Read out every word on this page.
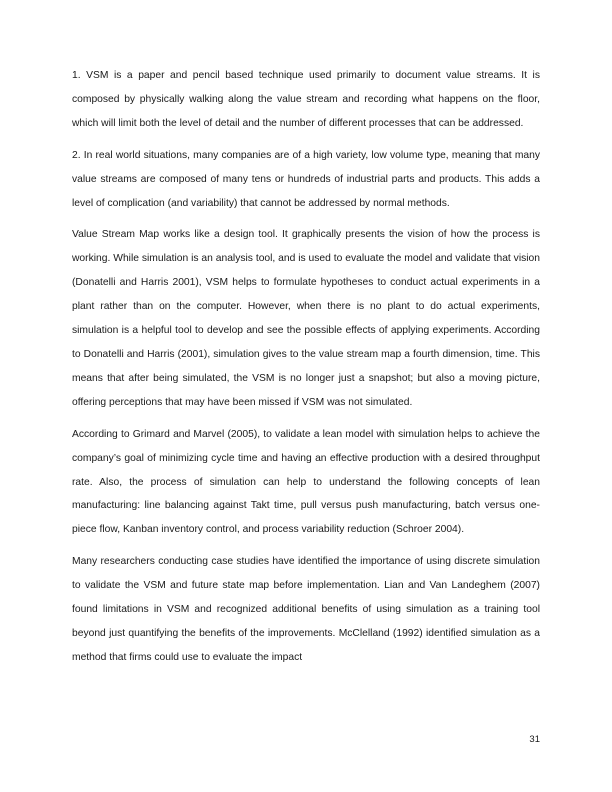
1. VSM is a paper and pencil based technique used primarily to document value streams. It is composed by physically walking along the value stream and recording what happens on the floor, which will limit both the level of detail and the number of different processes that can be addressed.

2. In real world situations, many companies are of a high variety, low volume type, meaning that many value streams are composed of many tens or hundreds of industrial parts and products. This adds a level of complication (and variability) that cannot be addressed by normal methods.

Value Stream Map works like a design tool. It graphically presents the vision of how the process is working. While simulation is an analysis tool, and is used to evaluate the model and validate that vision (Donatelli and Harris 2001), VSM helps to formulate hypotheses to conduct actual experiments in a plant rather than on the computer. However, when there is no plant to do actual experiments, simulation is a helpful tool to develop and see the possible effects of applying experiments. According to Donatelli and Harris (2001), simulation gives to the value stream map a fourth dimension, time. This means that after being simulated, the VSM is no longer just a snapshot; but also a moving picture, offering perceptions that may have been missed if VSM was not simulated.

According to Grimard and Marvel (2005), to validate a lean model with simulation helps to achieve the company’s goal of minimizing cycle time and having an effective production with a desired throughput rate. Also, the process of simulation can help to understand the following concepts of lean manufacturing: line balancing against Takt time, pull versus push manufacturing, batch versus one-piece flow, Kanban inventory control, and process variability reduction (Schroer 2004).

Many researchers conducting case studies have identified the importance of using discrete simulation to validate the VSM and future state map before implementation. Lian and Van Landeghem (2007) found limitations in VSM and recognized additional benefits of using simulation as a training tool beyond just quantifying the benefits of the improvements. McClelland (1992) identified simulation as a method that firms could use to evaluate the impact

31
